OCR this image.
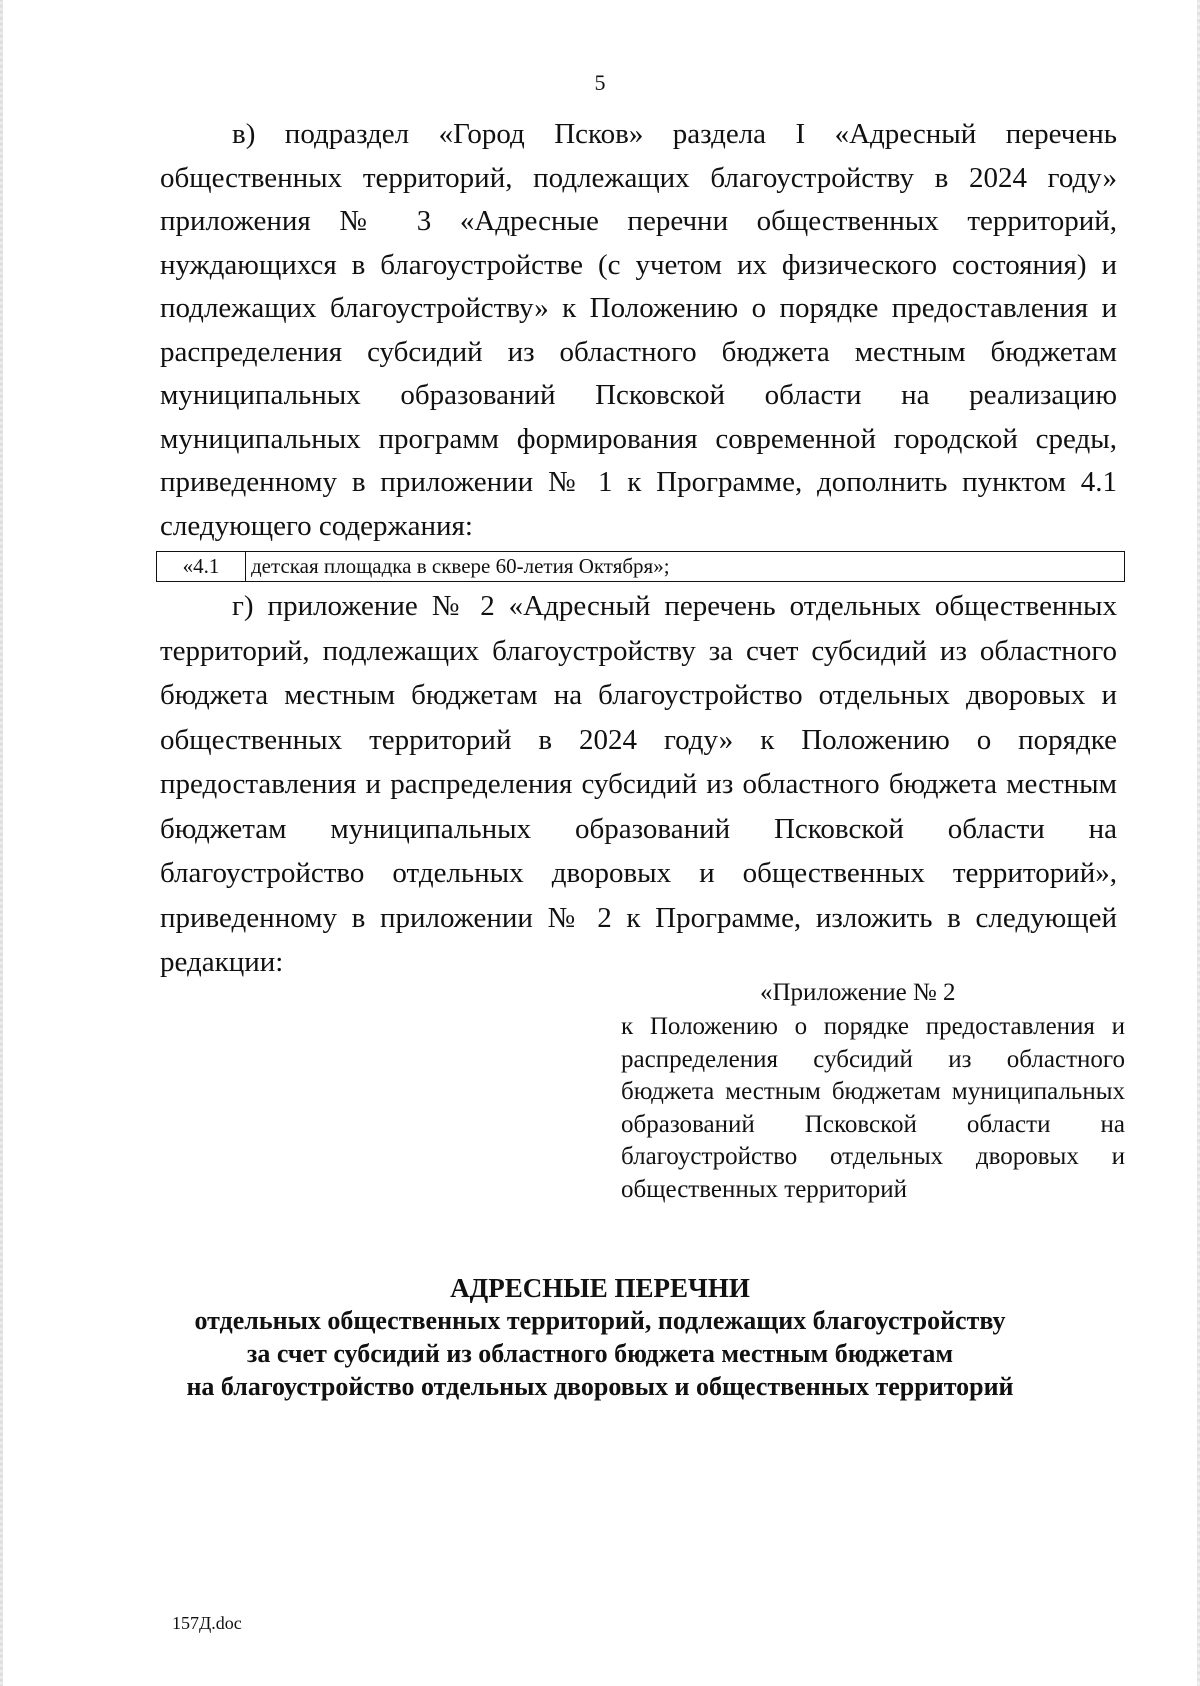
5

в) подраздел «Город Псков» раздела I «Адресный перечень общественных территорий, подлежащих благоустройству в 2024 году» приложения № 3 «Адресные перечни общественных территорий, нуждающихся в благоустройстве (с учетом их физического состояния) и подлежащих благоустройству» к Положению о порядке предоставления и распределения субсидий из областного бюджета местным бюджетам муниципальных образований Псковской области на реализацию муниципальных программ формирования современной городской среды, приведенному в приложении № 1 к Программе, дополнить пунктом 4.1 следующего содержания:

«4.1	детская площадка в сквере 60-летия Октября»;

г) приложение № 2 «Адресный перечень отдельных общественных территорий, подлежащих благоустройству за счет субсидий из областного бюджета местным бюджетам на благоустройство отдельных дворовых и общественных территорий в 2024 году» к Положению о порядке предоставления и распределения субсидий из областного бюджета местным бюджетам муниципальных образований Псковской области на благоустройство отдельных дворовых и общественных территорий», приведенному в приложении № 2 к Программе, изложить в следующей редакции:

«Приложение № 2

к Положению о порядке предоставления и распределения субсидий из областного бюджета местным бюджетам муниципальных образований Псковской области на благоустройство отдельных дворовых и общественных территорий

АДРЕСНЫЕ ПЕРЕЧНИ

отдельных общественных территорий, подлежащих благоустройству
за счет субсидий из областного бюджета местным бюджетам
на благоустройство отдельных дворовых и общественных территорий
157Д.doc
